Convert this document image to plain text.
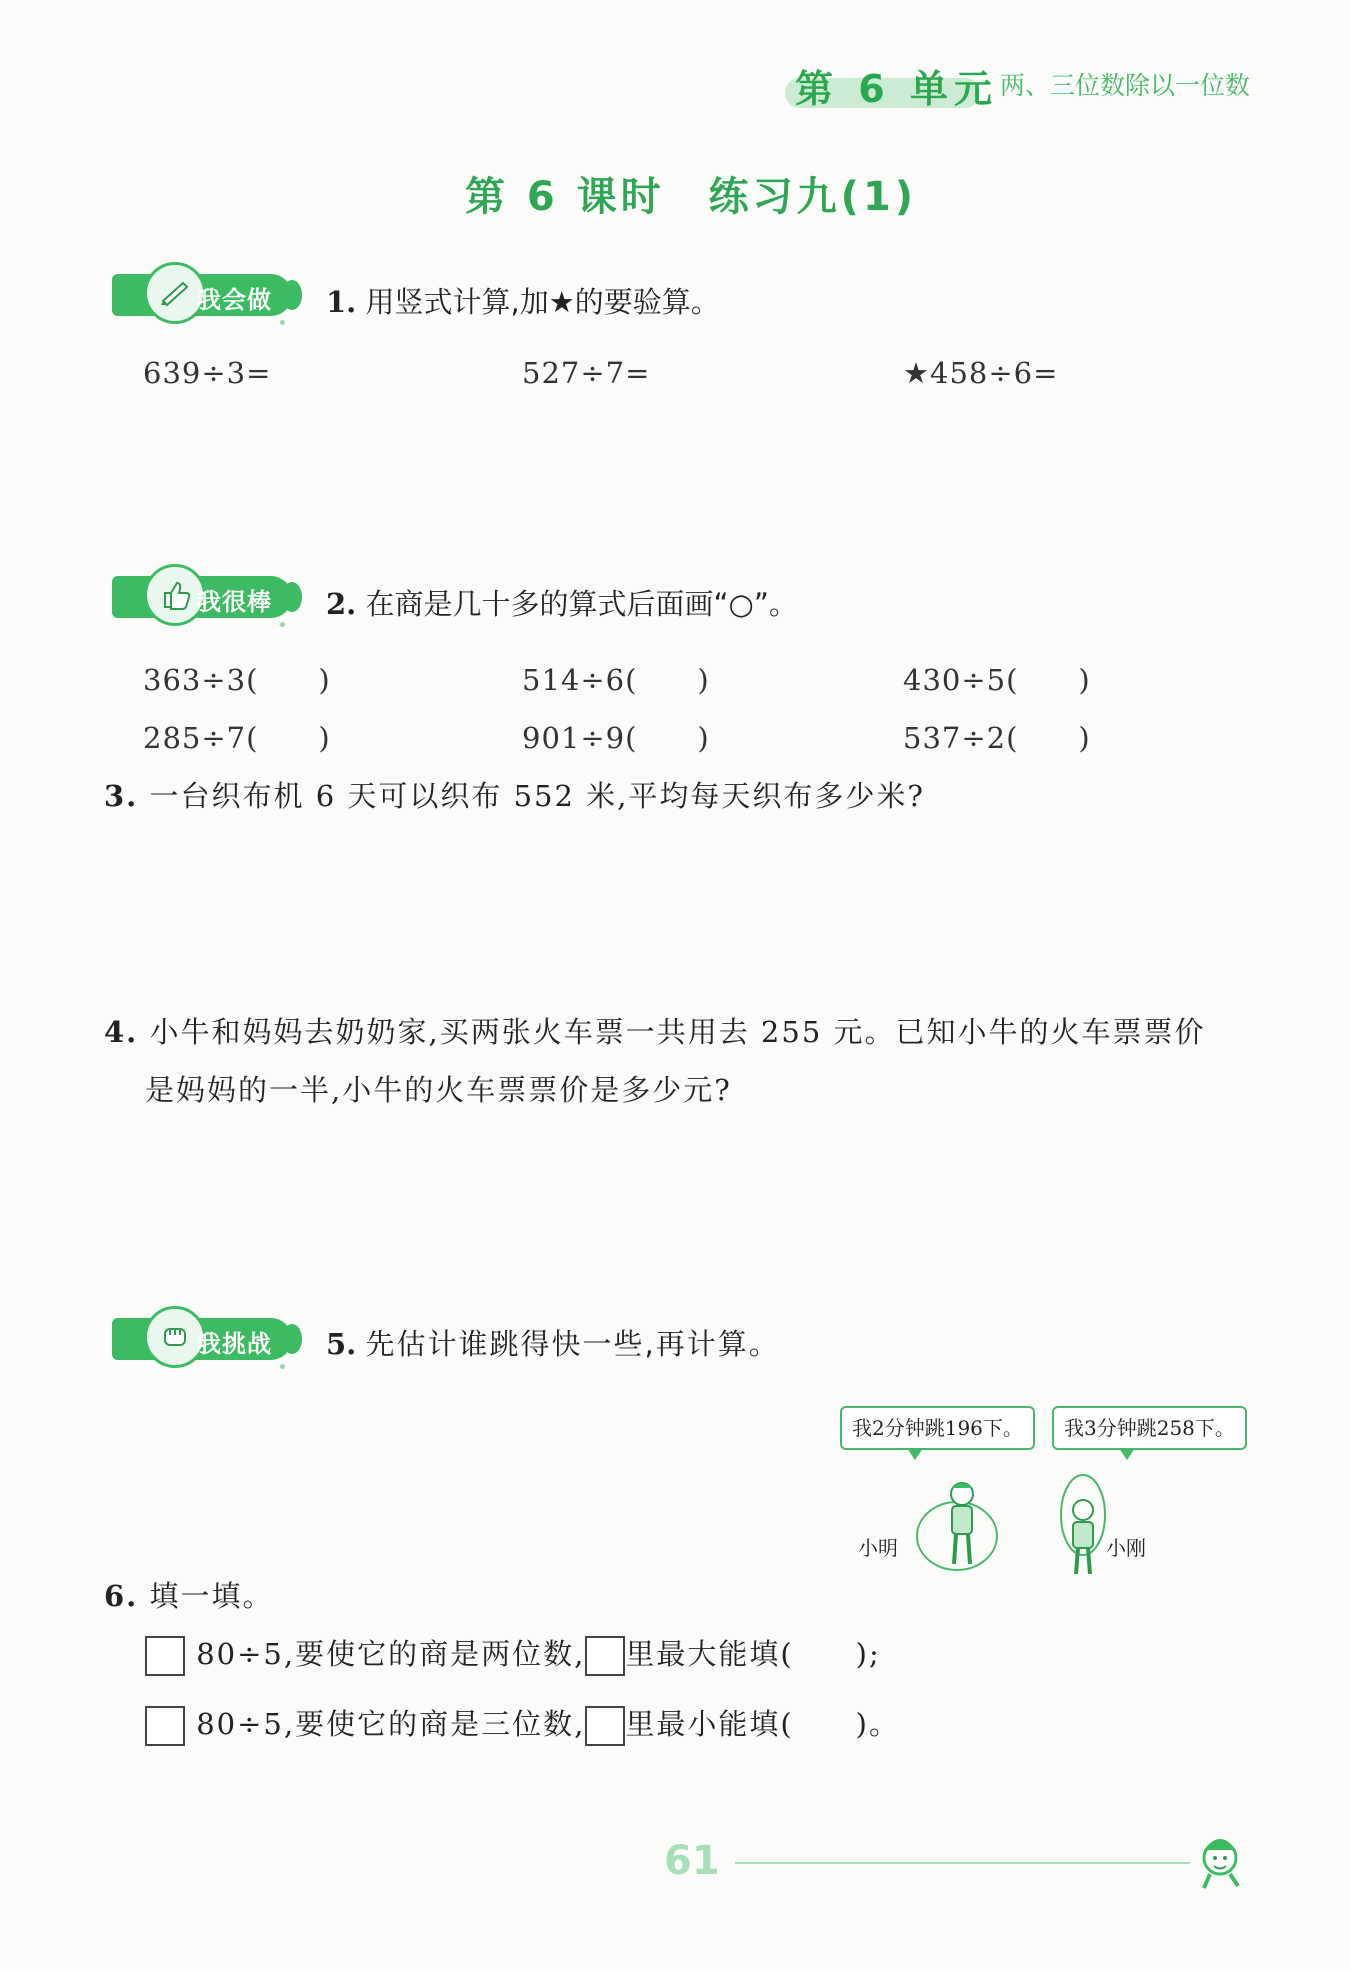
第 6 单元 两、三位数除以一位数
第 6 课时　练习九(1)
我会做 1. 用竖式计算,加★的要验算。
639÷3=	527÷7=	★458÷6=
我很棒 2. 在商是几十多的算式后面画“○”。
363÷3(　　)	514÷6(　　)	430÷5(　　)
285÷7(　　)	901÷9(　　)	537÷2(　　)
3. 一台织布机 6 天可以织布 552 米,平均每天织布多少米?
4. 小牛和妈妈去奶奶家,买两张火车票一共用去 255 元。已知小牛的火车票票价
是妈妈的一半,小牛的火车票票价是多少元?
我挑战 5. 先估计谁跳得快一些,再计算。
我2分钟跳196下。	我3分钟跳258下。
小明	小刚
6. 填一填。
80÷5,要使它的商是两位数, 里最大能填(　　);
80÷5,要使它的商是三位数, 里最小能填(　　)。
61
